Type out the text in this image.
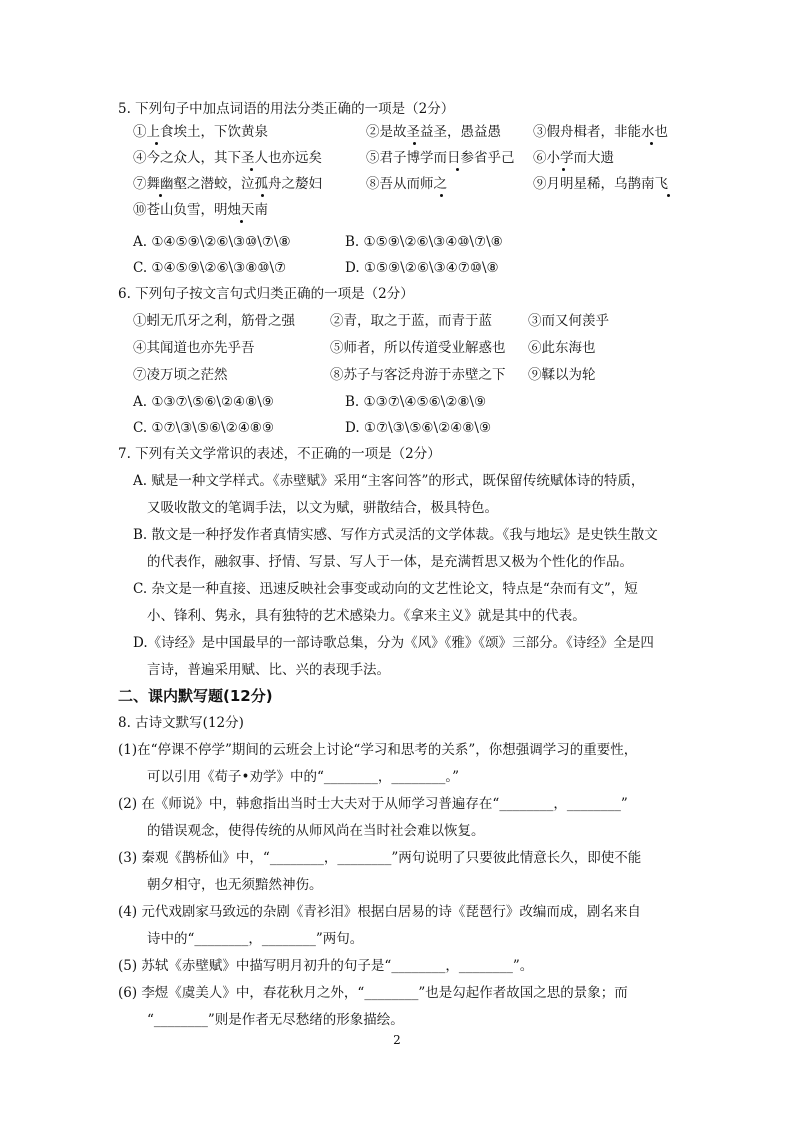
5. 下列句子中加点词语的用法分类正确的一项是（2分）
①上食埃土，下饮黄泉	②是故圣益圣，愚益愚 ③假舟楫者，非能水也
④今之众人，其下圣人也亦远矣	⑤君子博学而日参省乎己 ⑥小学而大遗
⑦舞幽壑之潜蛟，泣孤舟之嫠妇	⑧吾从而师之	⑨月明星稀，乌鹊南飞
⑩苍山负雪，明烛天南
A. ①④⑤⑨\②⑥\③⑩\⑦\⑧	B. ①⑤⑨\②⑥\③④⑩\⑦\⑧
C. ①④⑤⑨\②⑥\③⑧⑩\⑦	D. ①⑤⑨\②⑥\③④⑦⑩\⑧
6. 下列句子按文言句式归类正确的一项是（2分）
①蚓无爪牙之利，筋骨之强	②青，取之于蓝，而青于蓝	③而又何羡乎
④其闻道也亦先乎吾	⑤师者，所以传道受业解惑也 ⑥此东海也
⑦凌万顷之茫然	⑧苏子与客泛舟游于赤壁之下 ⑨鞣以为轮
A. ①③⑦\⑤⑥\②④⑧\⑨	B. ①③⑦\④⑤⑥\②⑧\⑨
C. ①⑦\③\⑤⑥\②④⑧⑨	D. ①⑦\③\⑤⑥\②④⑧\⑨
7. 下列有关文学常识的表述，不正确的一项是（2分）
A. 赋是一种文学样式。《赤壁赋》采用“主客问答”的形式，既保留传统赋体诗的特质，
又吸收散文的笔调手法，以文为赋，骈散结合，极具特色。
B. 散文是一种抒发作者真情实感、写作方式灵活的文学体裁。《我与地坛》是史铁生散文
的代表作，融叙事、抒情、写景、写人于一体，是充满哲思又极为个性化的作品。
C. 杂文是一种直接、迅速反映社会事变或动向的文艺性论文，特点是“杂而有文”，短
小、锋利、隽永，具有独特的艺术感染力。《拿来主义》就是其中的代表。
D.《诗经》是中国最早的一部诗歌总集，分为《风》《雅》《颂》三部分。《诗经》全是四
言诗，普遍采用赋、比、兴的表现手法。
二、课内默写题(12分)
8. 古诗文默写(12分)
(1)在“停课不停学”期间的云班会上讨论“学习和思考的关系”，你想强调学习的重要性，
可以引用《荀子•劝学》中的“________，________。”
(2) 在《师说》中，韩愈指出当时士大夫对于从师学习普遍存在“________，________”
的错误观念，使得传统的从师风尚在当时社会难以恢复。
(3) 秦观《鹊桥仙》中，“________，________”两句说明了只要彼此情意长久，即使不能
朝夕相守，也无须黯然神伤。
(4) 元代戏剧家马致远的杂剧《青衫泪》根据白居易的诗《琵琶行》改编而成，剧名来自
诗中的“________，________”两句。
(5) 苏轼《赤壁赋》中描写明月初升的句子是“________，________”。
(6) 李煜《虞美人》中，春花秋月之外，“________”也是勾起作者故国之思的景象；而
“________”则是作者无尽愁绪的形象描绘。
2
